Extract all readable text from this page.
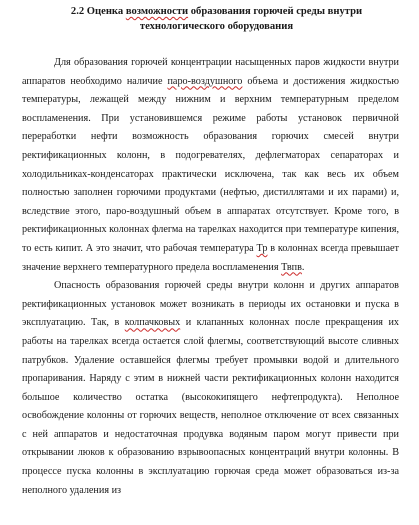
2.2 Оценка возможности образования горючей среды внутри технологического оборудования

Для образования горючей концентрации насыщенных паров жидкости внутри аппаратов необходимо наличие паро-воздушного объема и достижения жидкостью температуры, лежащей между нижним и верхним температурным пределом воспламенения. При установившемся режиме работы установок первичной переработки нефти возможность образования горючих смесей внутри ректификационных колонн, в подогревателях, дефлегматорах сепараторах и холодильниках-конденсаторах практически исключена, так как весь их объем полностью заполнен горючими продуктами (нефтью, дистиллятами и их парами) и, вследствие этого, паро-воздушный объем в аппаратах отсутствует. Кроме того, в ректификационных колоннах флегма на тарелках находится при температуре кипения, то есть кипит. А это значит, что рабочая температура Тр в колоннах всегда превышает значение верхнего температурного предела воспламенения Твпв.

Опасность образования горючей среды внутри колонн и других аппаратов ректификационных установок может возникать в периоды их остановки и пуска в эксплуатацию. Так, в колпачковых и клапанных колоннах после прекращения их работы на тарелках всегда остается слой флегмы, соответствующий высоте сливных патрубков. Удаление оставшейся флегмы требует промывки водой и длительного пропаривания. Наряду с этим в нижней части ректификационных колонн находится большое количество остатка (высококипящего нефтепродукта). Неполное освобождение колонны от горючих веществ, неполное отключение от всех связанных с ней аппаратов и недостаточная продувка водяным паром могут привести при открывании люков к образованию взрывоопасных концентраций внутри колонны. В процессе пуска колонны в эксплуатацию горючая среда может образоваться из-за неполного удаления из
